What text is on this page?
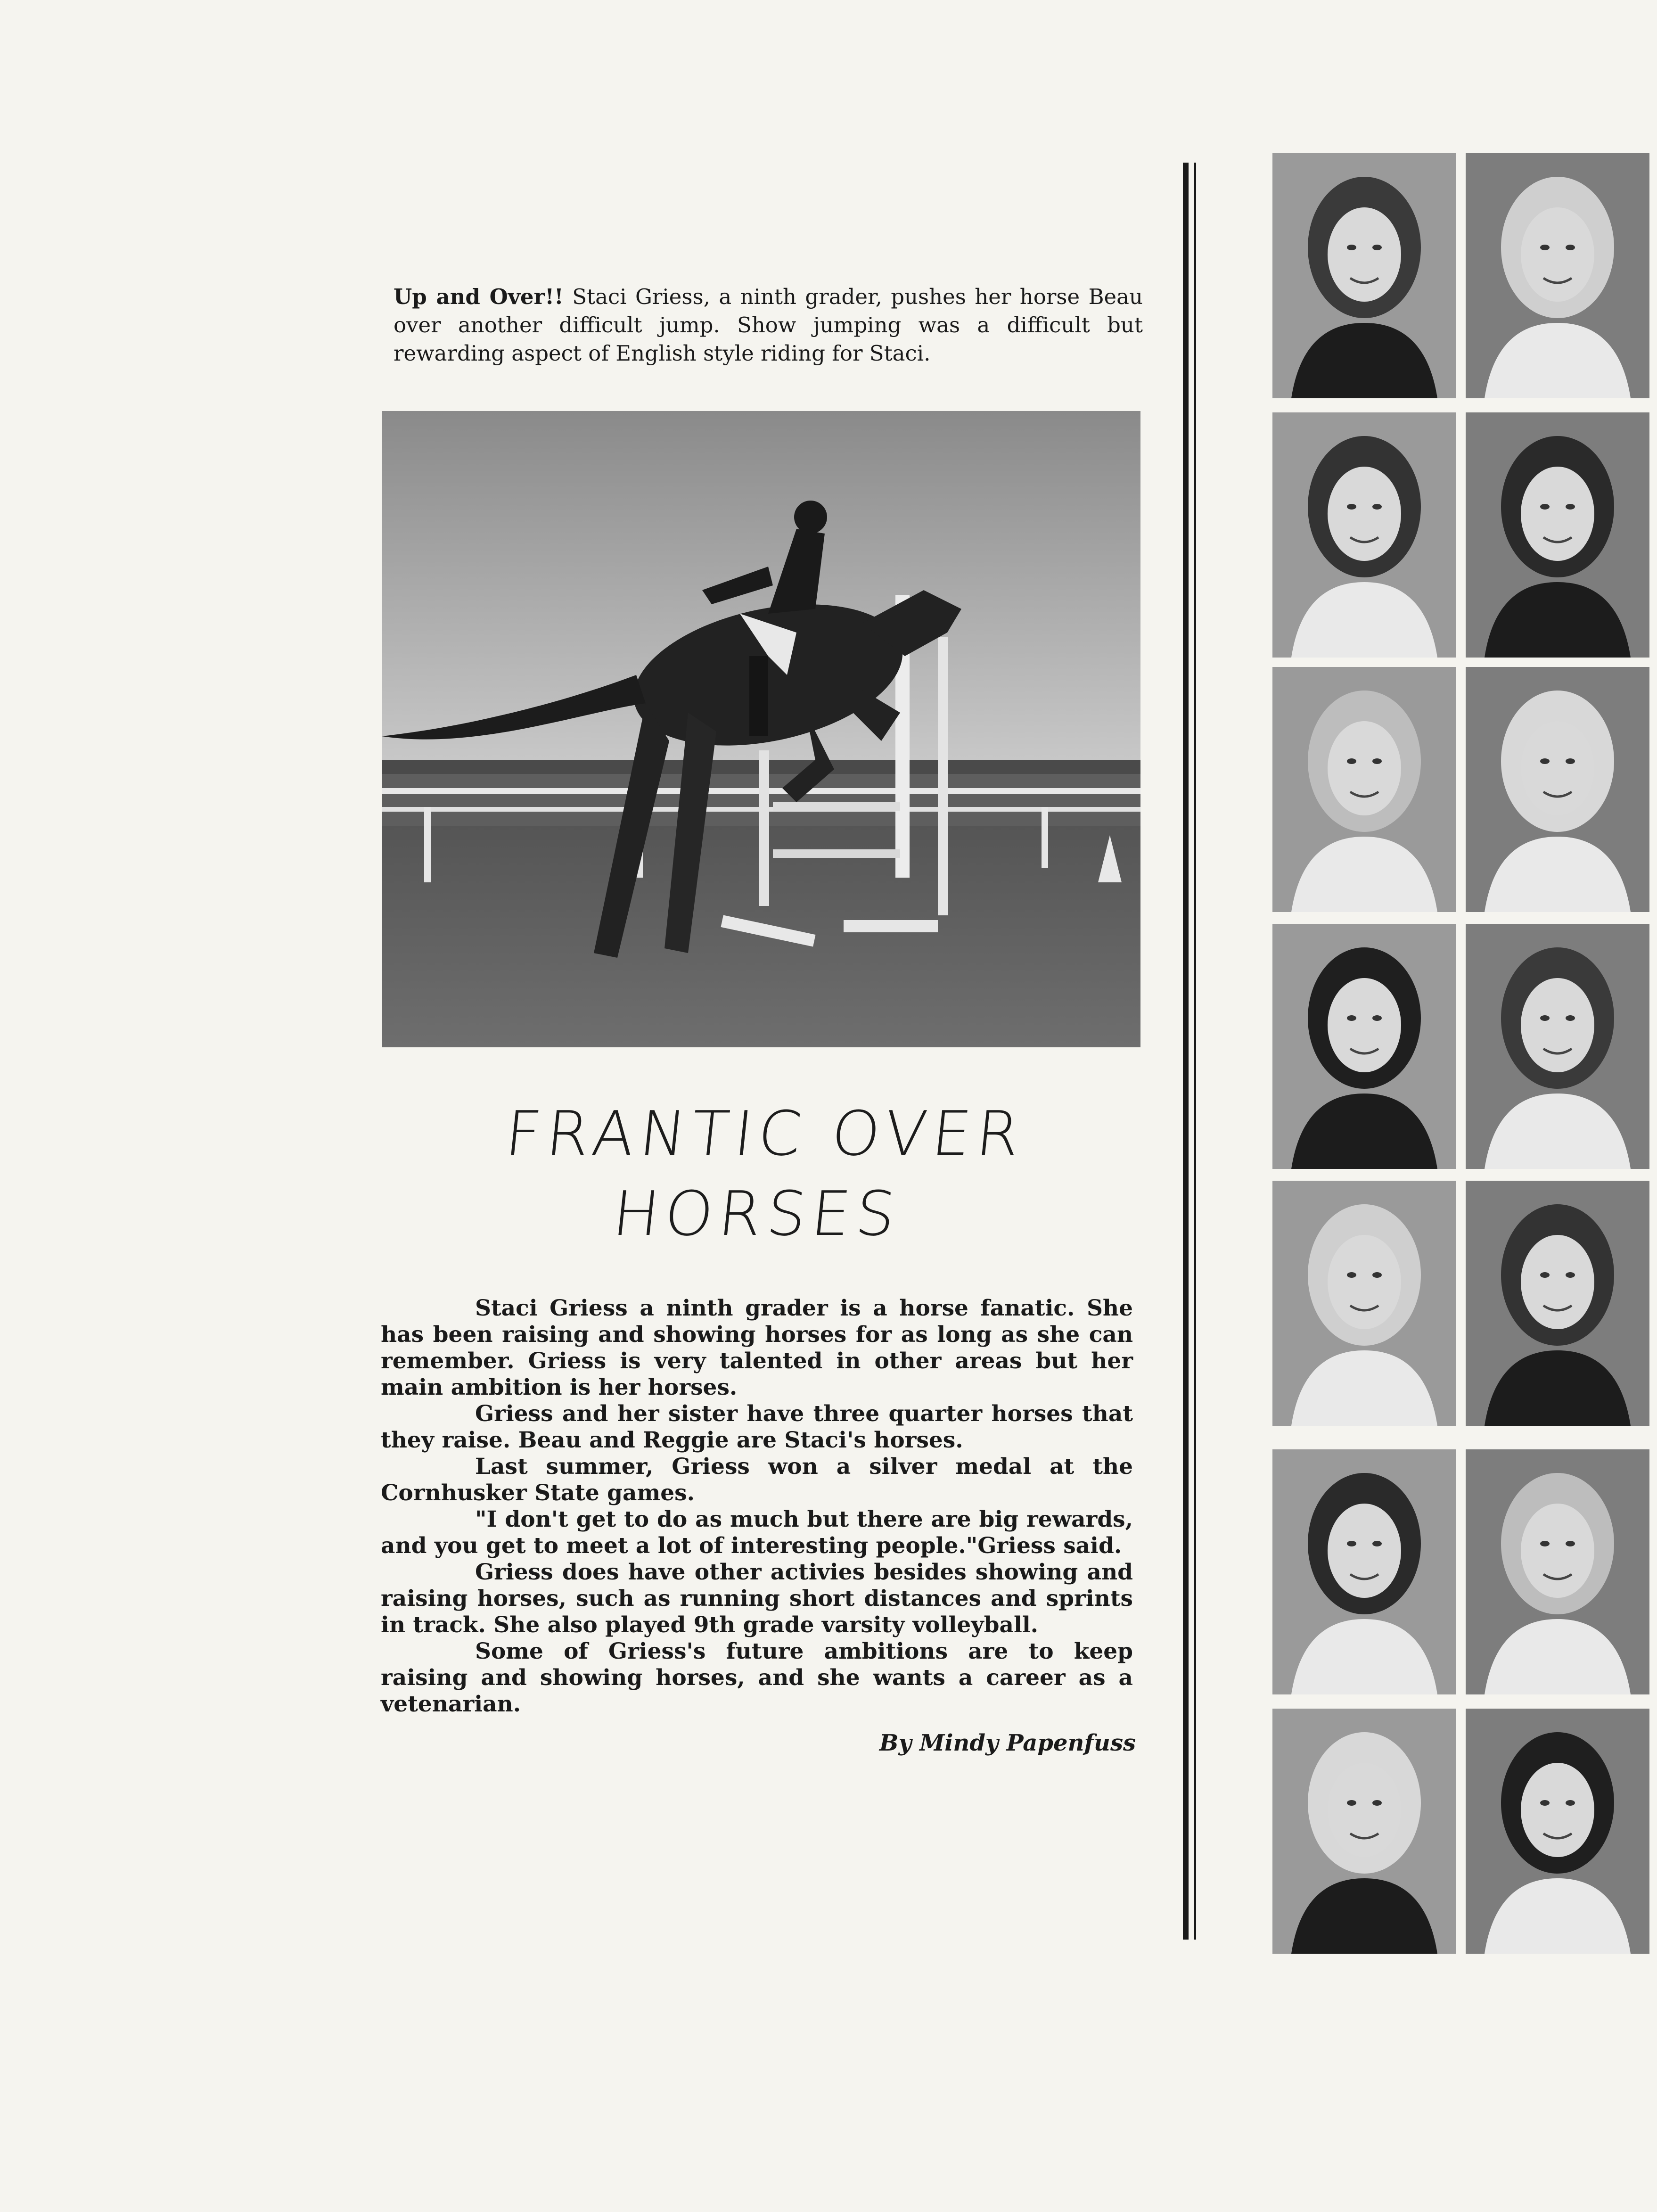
Up and Over!! Staci Griess, a ninth grader, pushes her horse Beau over another difficult jump. Show jumping was a difficult but rewarding aspect of English style riding for Staci.
FRANTIC OVER
HORSES

Staci Griess a ninth grader is a horse fanatic. She has been raising and showing horses for as long as she can remember. Griess is very talented in other areas but her main ambition is her horses.

Griess and her sister have three quarter horses that they raise. Beau and Reggie are Staci's horses.

Last summer, Griess won a silver medal at the Cornhusker State games.

"I don't get to do as much but there are big rewards, and you get to meet a lot of interesting people."Griess said.

Griess does have other activies besides showing and raising horses, such as running short distances and sprints in track. She also played 9th grade varsity volleyball.

Some of Griess's future ambitions are to keep raising and showing horses, and she wants a career as a vetenarian.

By Mindy Papenfuss
